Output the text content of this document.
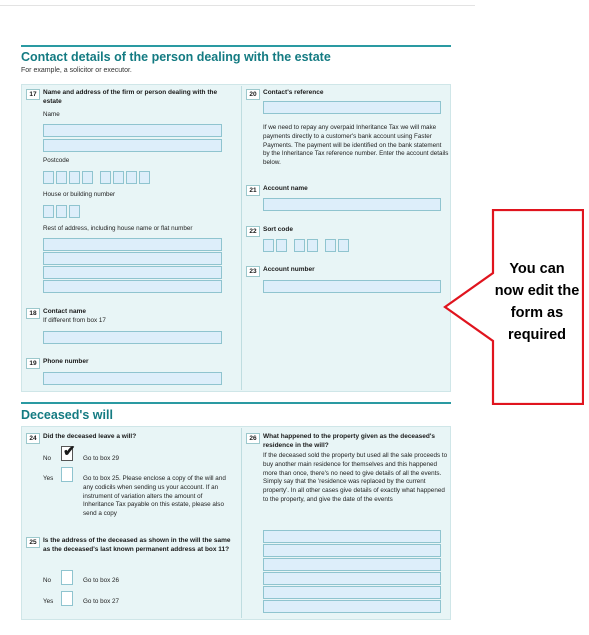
Contact details of the person dealing with the estate
For example, a solicitor or executor.
17 Name and address of the firm or person dealing with the estate
Name
Postcode
House or building number
Rest of address, including house name or flat number
18 Contact name
If different from box 17
19 Phone number
20 Contact's reference
If we need to repay any overpaid Inheritance Tax we will make payments directly to a customer's bank account using Faster Payments. The payment will be identified on the bank statement by the Inheritance Tax reference number. Enter the account details below.
21 Account name
22 Sort code
23 Account number
Deceased's will
24 Did the deceased leave a will?
No ✔ Go to box 29
Yes	Go to box 25. Please enclose a copy of the will and any codicils when sending us your account. If an instrument of variation alters the amount of Inheritance Tax payable on this estate, please also send a copy
25 Is the address of the deceased as shown in the will the same as the deceased's last known permanent address at box 11?
No	Go to box 26
Yes	Go to box 27
26 What happened to the property given as the deceased's residence in the will?
If the deceased sold the property but used all the sale proceeds to buy another main residence for themselves and this happened more than once, there's no need to give details of all the events. Simply say that the 'residence was replaced by the current property'. In all other cases give details of exactly what happened to the property, and give the date of the events
You can now edit the form as required
